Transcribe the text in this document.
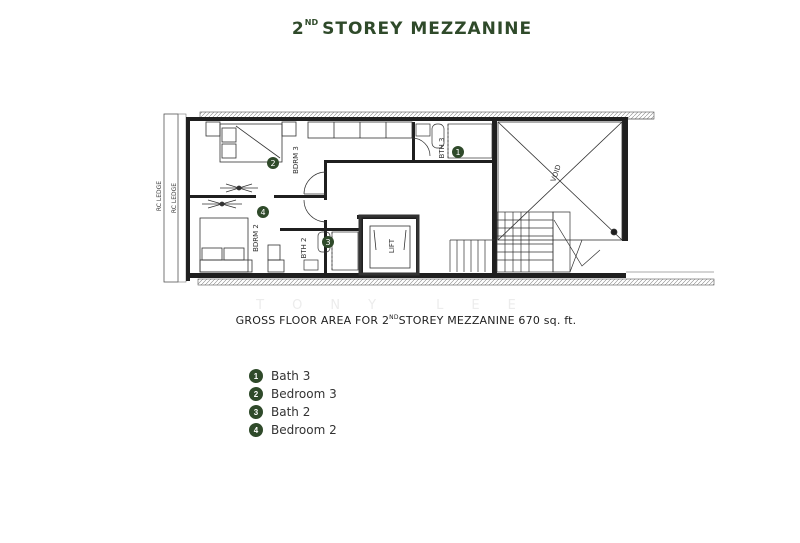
2ND STOREY MEZZANINE
RC LEDGE RC LEDGE
BDRM 3
BDRM 2
BTH 3
BTH 2	LIFT
VOID
1
2
3
4
TONY LEE
GROSS FLOOR AREA FOR 2NDSTOREY MEZZANINE 670 sq. ft.
1	Bath 3
2	Bedroom 3
3	Bath 2
4	Bedroom 2
